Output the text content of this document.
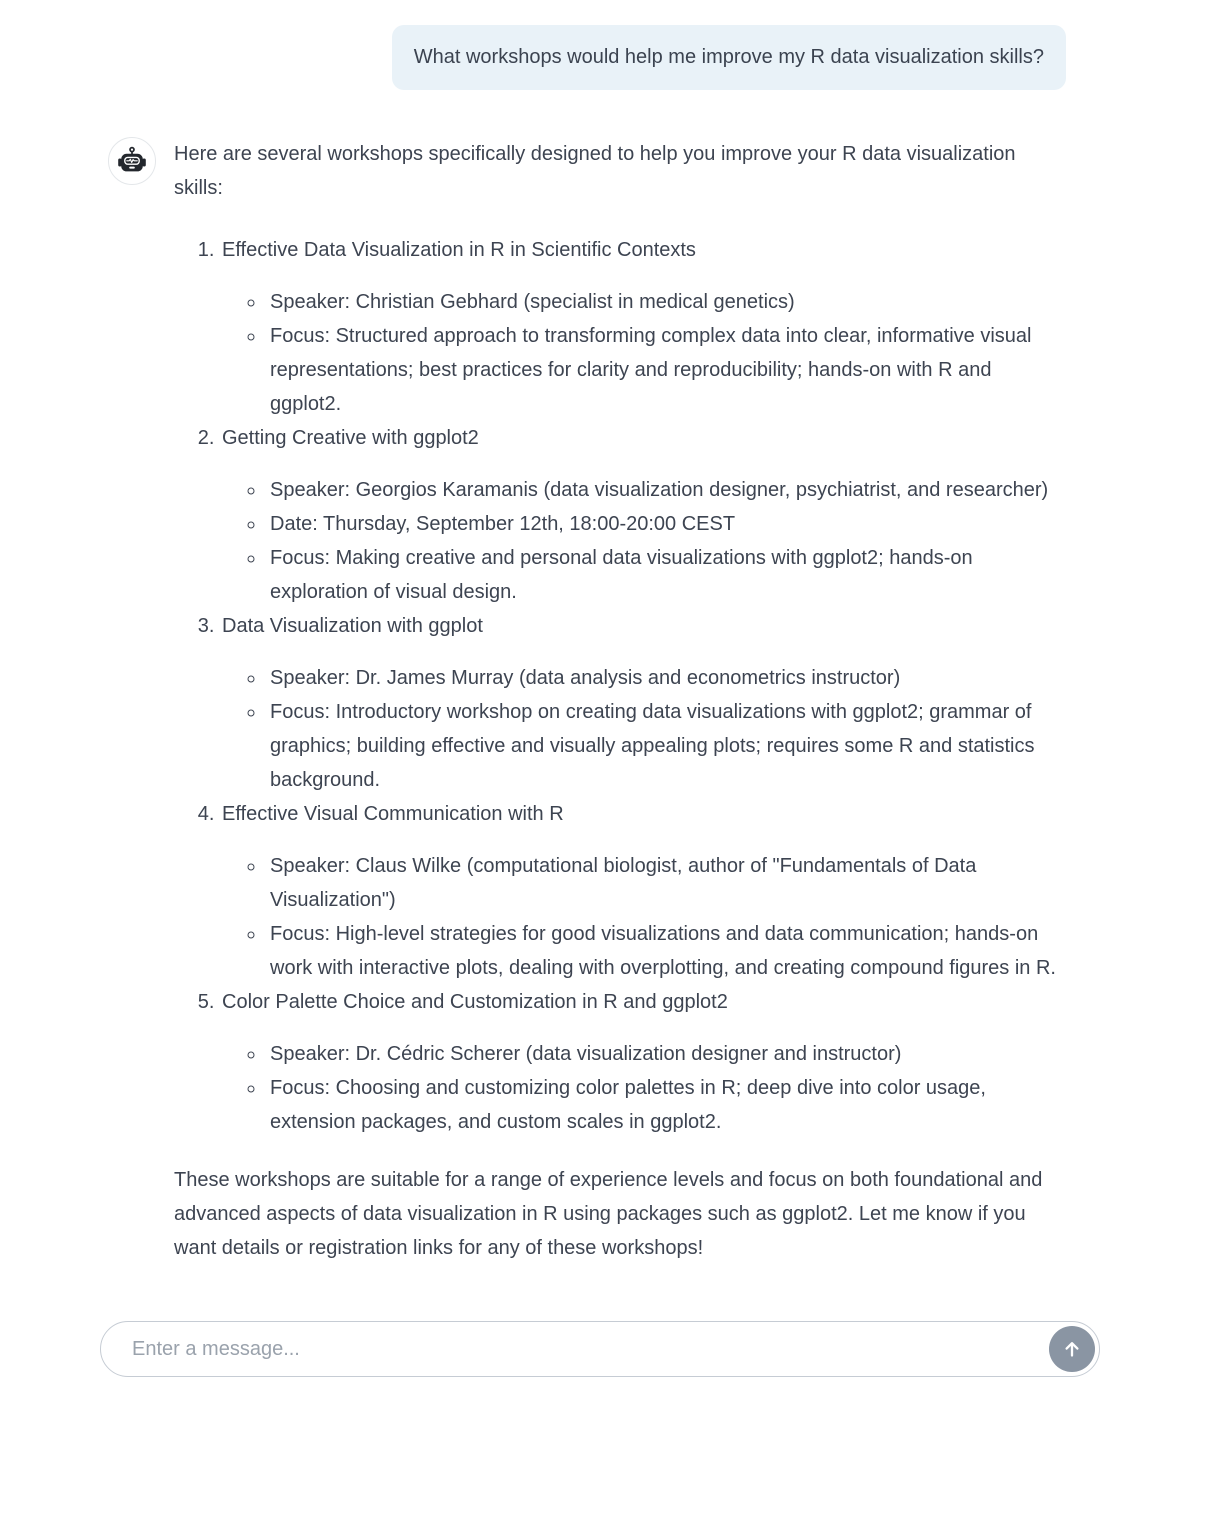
What workshops would help me improve my R data visualization skills?

Here are several workshops specifically designed to help you improve your R data visualization skills:

1. Effective Data Visualization in R in Scientific Contexts
◦ Speaker: Christian Gebhard (specialist in medical genetics)
◦ Focus: Structured approach to transforming complex data into clear, informative visual representations; best practices for clarity and reproducibility; hands-on with R and ggplot2.
2. Getting Creative with ggplot2
◦ Speaker: Georgios Karamanis (data visualization designer, psychiatrist, and researcher)
◦ Date: Thursday, September 12th, 18:00-20:00 CEST
◦ Focus: Making creative and personal data visualizations with ggplot2; hands-on exploration of visual design.
3. Data Visualization with ggplot
◦ Speaker: Dr. James Murray (data analysis and econometrics instructor)
◦ Focus: Introductory workshop on creating data visualizations with ggplot2; grammar of graphics; building effective and visually appealing plots; requires some R and statistics background.
4. Effective Visual Communication with R
◦ Speaker: Claus Wilke (computational biologist, author of "Fundamentals of Data Visualization")
◦ Focus: High-level strategies for good visualizations and data communication; hands-on work with interactive plots, dealing with overplotting, and creating compound figures in R.
5. Color Palette Choice and Customization in R and ggplot2
◦ Speaker: Dr. Cédric Scherer (data visualization designer and instructor)
◦ Focus: Choosing and customizing color palettes in R; deep dive into color usage, extension packages, and custom scales in ggplot2.

These workshops are suitable for a range of experience levels and focus on both foundational and advanced aspects of data visualization in R using packages such as ggplot2. Let me know if you want details or registration links for any of these workshops!

Enter a message...
